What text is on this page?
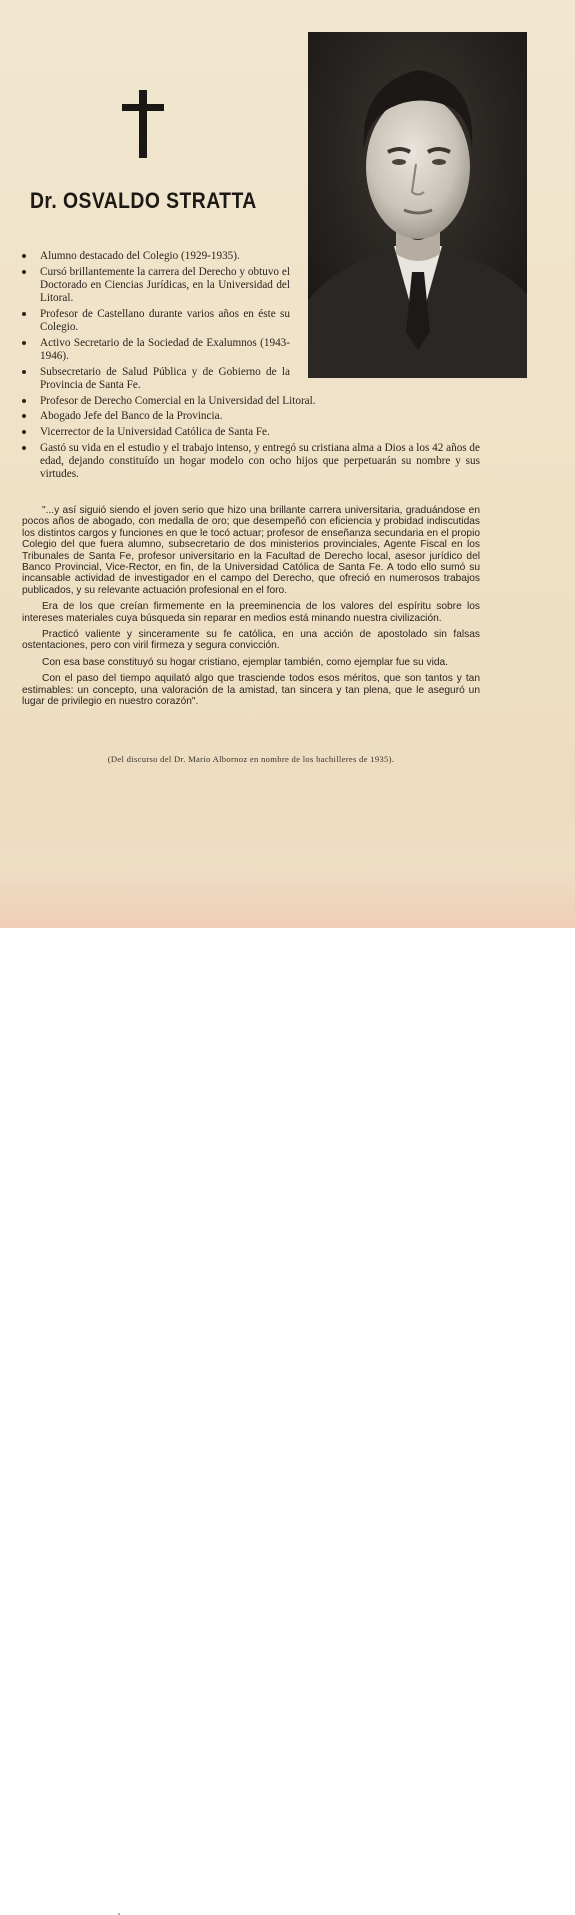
Dr. OSVALDO STRATTA
Alumno destacado del Colegio (1929-1935).
Cursó brillantemente la carrera del Derecho y obtuvo el Doctorado en Ciencias Jurídicas, en la Universidad del Litoral.
Profesor de Castellano durante varios años en éste su Colegio.
Activo Secretario de la Sociedad de Exalumnos (1943-1946).
Subsecretario de Salud Pública y de Gobierno de la Provincia de Santa Fe.
Profesor de Derecho Comercial en la Universidad del Litoral.
Abogado Jefe del Banco de la Provincia.
Vicerrector de la Universidad Católica de Santa Fe.
Gastó su vida en el estudio y el trabajo intenso, y entregó su cristiana alma a Dios a los 42 años de edad, dejando constituído un hogar modelo con ocho hijos que perpetuarán su nombre y sus virtudes.

"...y así siguió siendo el joven serio que hizo una brillante carrera universitaria, graduándose en pocos años de abogado, con medalla de oro; que desempeñó con eficiencia y probidad indiscutidas los distintos cargos y funciones en que le tocó actuar; profesor de enseñanza secundaria en el propio Colegio del que fuera alumno, subsecretario de dos ministerios provinciales, Agente Fiscal en los Tribunales de Santa Fe, profesor universitario en la Facultad de Derecho local, asesor jurídico del Banco Provincial, Vice-Rector, en fin, de la Universidad Católica de Santa Fe. A todo ello sumó su incansable actividad de investigador en el campo del Derecho, que ofreció en numerosos trabajos publicados, y su relevante actuación profesional en el foro.

Era de los que creían firmemente en la preeminencia de los valores del espíritu sobre los intereses materiales cuya búsqueda sin reparar en medios está minando nuestra civilización.

Practicó valiente y sinceramente su fe católica, en una acción de apostolado sin falsas ostentaciones, pero con viril firmeza y segura convicción.

Con esa base constituyó su hogar cristiano, ejemplar también, como ejemplar fue su vida.

Con el paso del tiempo aquilató algo que trasciende todos esos méritos, que son tantos y tan estimables: un concepto, una valoración de la amistad, tan sincera y tan plena, que le aseguró un lugar de privilegio en nuestro corazón".

(Del discurso del Dr. Mario Albornoz en nombre de los bachilleres de 1935).
